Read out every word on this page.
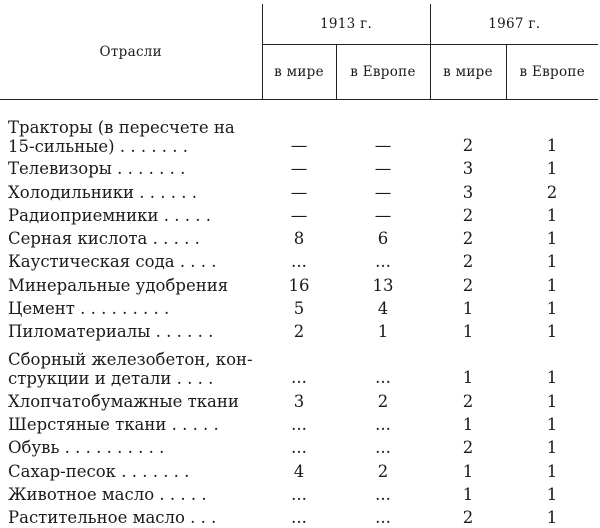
Отрасли	1913 г.		1967 г.	
	в мире	в Европе	в мире	в Европе

Тракторы (в пересчете на
15-сильные) . . . . . . .	—	—	2	1
Телевизоры . . . . . . .	—	—	3	1
Холодильники . . . . . .	—	—	3	2
Радиоприемники . . . . .	—	—	2	1
Серная кислота . . . . .	8	6	2	1
Каустическая сода . . . .	...	...	2	1
Минеральные удобрения	16	13	2	1
Цемент . . . . . . . . .	5	4	1	1
Пиломатериалы . . . . . .	2	1	1	1

Сборный железобетон, кон-
струкции и детали . . . .	...	...	1	1
Хлопчатобумажные ткани	3	2	2	1
Шерстяные ткани . . . . .	...	...	1	1
Обувь . . . . . . . . . .	...	...	2	1
Сахар-песок . . . . . . .	4	2	1	1
Животное масло . . . . .	...	...	1	1
Растительное масло . . .	...	...	2	1
